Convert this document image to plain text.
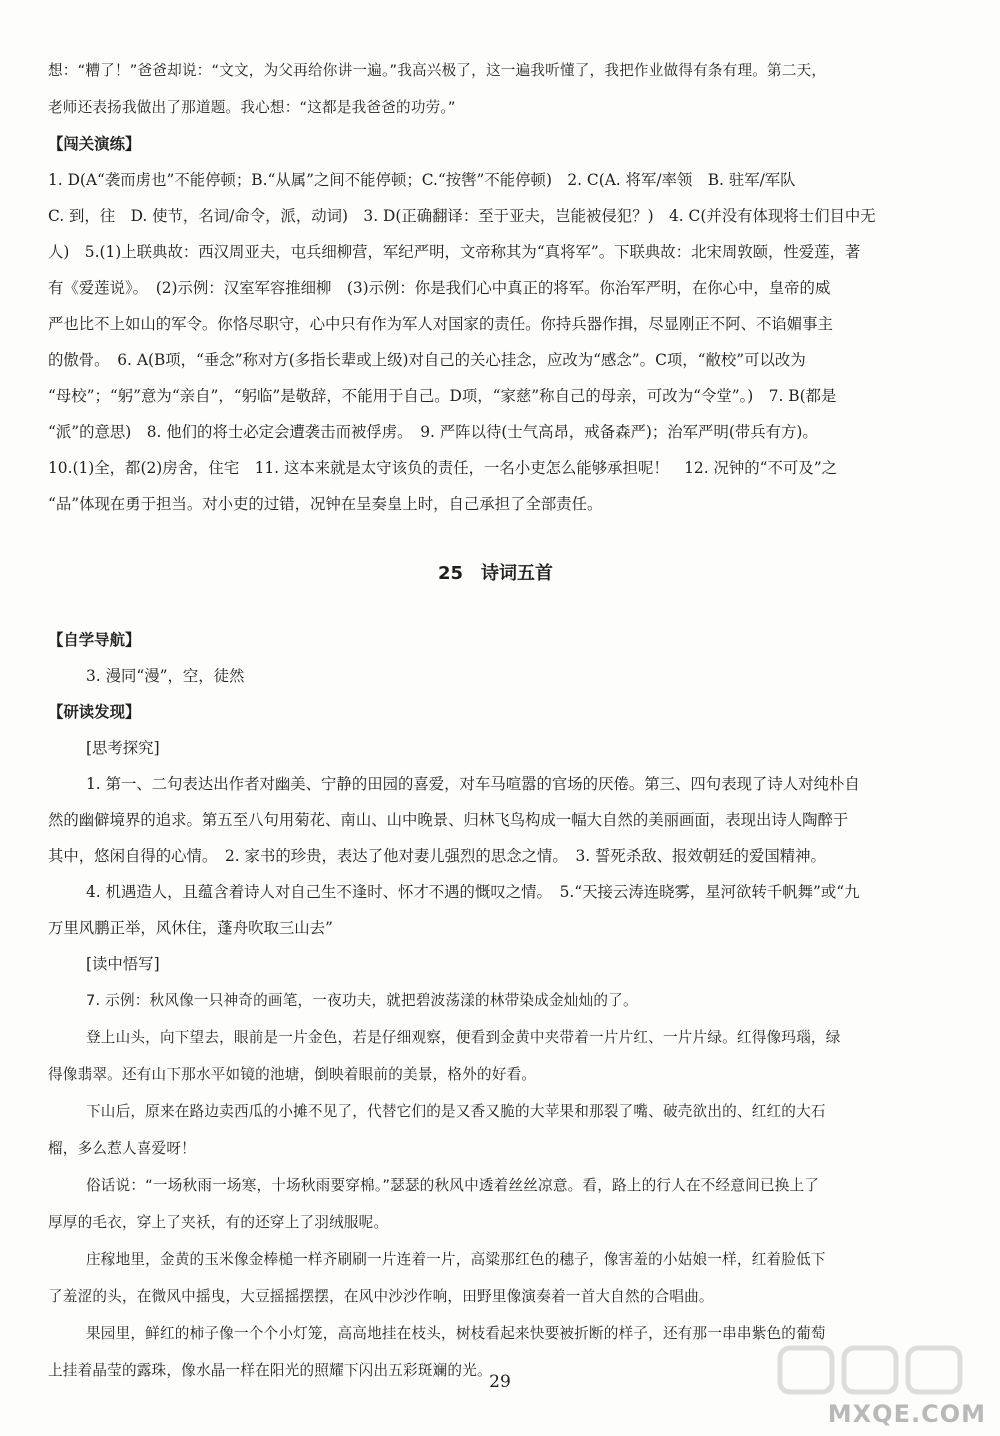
想：“糟了！”爸爸却说：“文文，为父再给你讲一遍。”我高兴极了，这一遍我听懂了，我把作业做得有条有理。第二天，

老师还表扬我做出了那道题。我心想：“这都是我爸爸的功劳。”

【闯关演练】

1. D(A“袭而虏也”不能停顿；B.“从属”之间不能停顿；C.“按辔”不能停顿)　2. C(A. 将军/率领　B. 驻军/军队

C. 到，往　D. 使节，名词/命令，派，动词)　3. D(正确翻译：至于亚夫，岂能被侵犯？)　4. C(并没有体现将士们目中无

人)　5.(1)上联典故：西汉周亚夫，屯兵细柳营，军纪严明，文帝称其为“真将军”。下联典故：北宋周敦颐，性爱莲，著

有《爱莲说》。　(2)示例：汉室军容推细柳　(3)示例：你是我们心中真正的将军。你治军严明，在你心中，皇帝的威

严也比不上如山的军令。你恪尽职守，心中只有作为军人对国家的责任。你持兵器作揖，尽显刚正不阿、不谄媚事主

的傲骨。　6. A(B项，“垂念”称对方(多指长辈或上级)对自己的关心挂念，应改为“感念”。C项，“敝校”可以改为

“母校”；“躬”意为“亲自”，“躬临”是敬辞，不能用于自己。D项，“家慈”称自己的母亲，可改为“令堂”。)　7. B(都是

“派”的意思)　8. 他们的将士必定会遭袭击而被俘虏。　9. 严阵以待(士气高昂，戒备森严)；治军严明(带兵有方)。

10.(1)全，都(2)房舍，住宅　11. 这本来就是太守该负的责任，一名小吏怎么能够承担呢！　12. 况钟的“不可及”之

“品”体现在勇于担当。对小吏的过错，况钟在呈奏皇上时，自己承担了全部责任。

25　诗词五首

【自学导航】

3. 漫同“漫”，空，徒然

【研读发现】

[思考探究]

1. 第一、二句表达出作者对幽美、宁静的田园的喜爱，对车马喧嚣的官场的厌倦。第三、四句表现了诗人对纯朴自

然的幽僻境界的追求。第五至八句用菊花、南山、山中晚景、归林飞鸟构成一幅大自然的美丽画面，表现出诗人陶醉于

其中，悠闲自得的心情。　2. 家书的珍贵，表达了他对妻儿强烈的思念之情。　3. 誓死杀敌、报效朝廷的爱国精神。

4. 机遇造人，且蕴含着诗人对自己生不逢时、怀才不遇的慨叹之情。　5.“天接云涛连晓雾，星河欲转千帆舞”或“九

万里风鹏正举，风休住，蓬舟吹取三山去”

[读中悟写]

7. 示例：秋风像一只神奇的画笔，一夜功夫，就把碧波荡漾的林带染成金灿灿的了。

登上山头，向下望去，眼前是一片金色，若是仔细观察，便看到金黄中夹带着一片片红、一片片绿。红得像玛瑙，绿

得像翡翠。还有山下那水平如镜的池塘，倒映着眼前的美景，格外的好看。

下山后，原来在路边卖西瓜的小摊不见了，代替它们的是又香又脆的大苹果和那裂了嘴、破壳欲出的、红红的大石

榴，多么惹人喜爱呀！

俗话说：“一场秋雨一场寒，十场秋雨要穿棉。”瑟瑟的秋风中透着丝丝凉意。看，路上的行人在不经意间已换上了

厚厚的毛衣，穿上了夹袄，有的还穿上了羽绒服呢。

庄稼地里，金黄的玉米像金棒槌一样齐刷刷一片连着一片，高粱那红色的穗子，像害羞的小姑娘一样，红着脸低下

了羞涩的头，在微风中摇曳，大豆摇摇摆摆，在风中沙沙作响，田野里像演奏着一首大自然的合唱曲。

果园里，鲜红的柿子像一个个小灯笼，高高地挂在枝头，树枝看起来快要被折断的样子，还有那一串串紫色的葡萄

上挂着晶莹的露珠，像水晶一样在阳光的照耀下闪出五彩斑斓的光。

29
MXQE.COM
